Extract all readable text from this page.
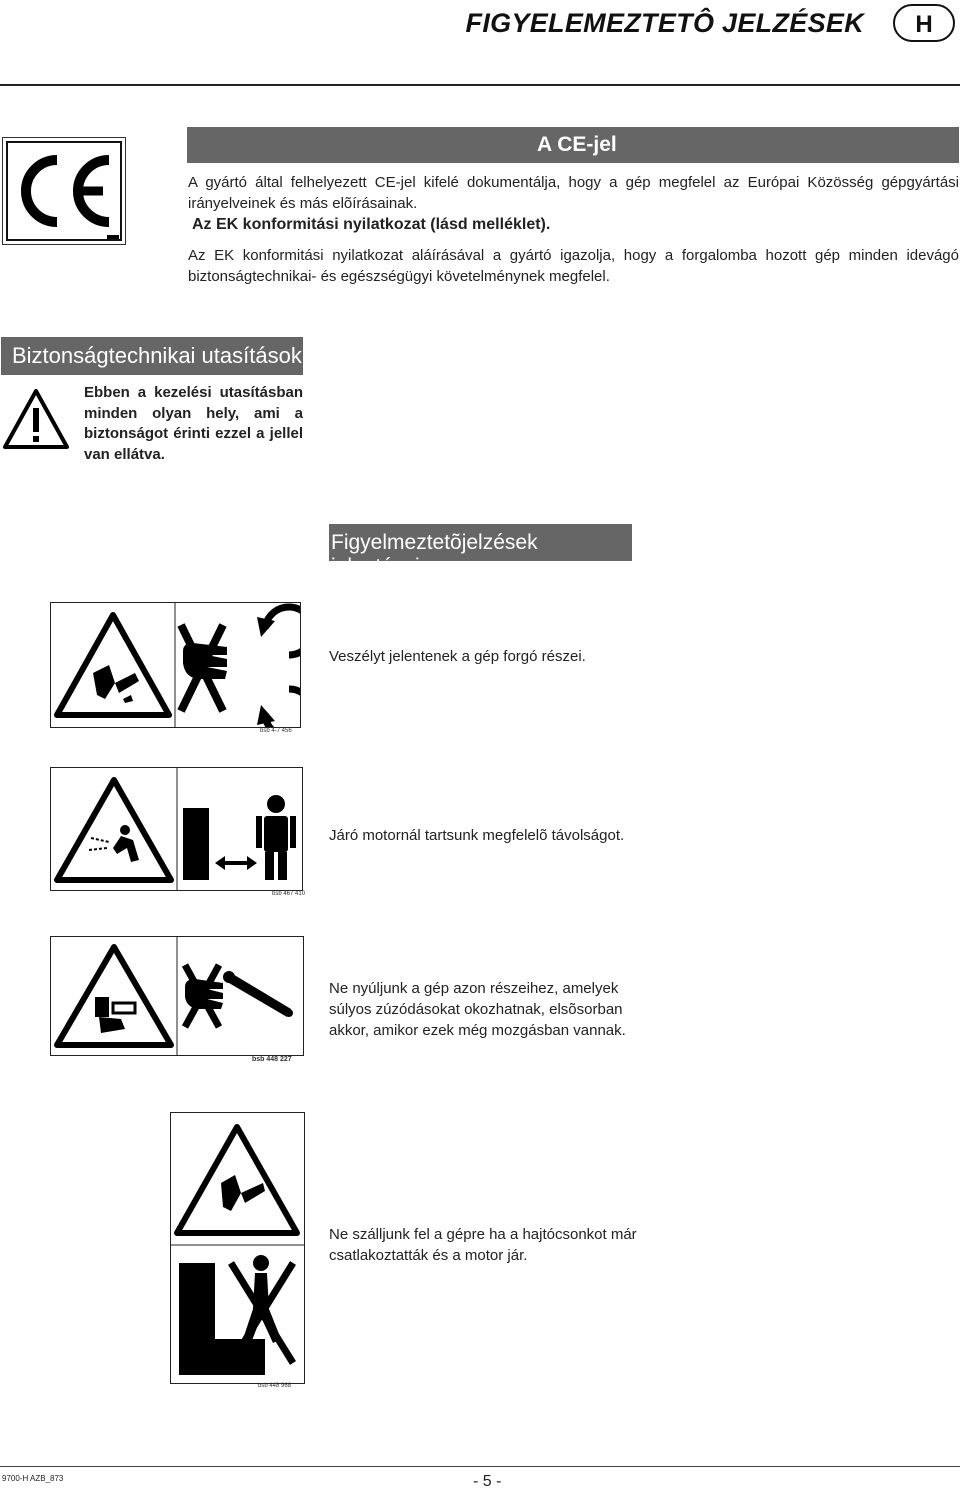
FIGYELEMEZTETÔ JELZÉSEK	H
A CE-jel
A gyártó által felhelyezett CE-jel kifelé dokumentálja, hogy a gép megfelel az Európai Közösség gépgyártási irányelveinek és más elõírásainak.
Az EK konformitási nyilatkozat (lásd melléklet).
Az EK konformitási nyilatkozat aláírásával a gyártó igazolja, hogy a forgalomba hozott gép minden idevágó biztonságtechnikai- és egészségügyi követelménynek megfelel.
Biztonságtechnikai utasítások
Ebben a kezelési utasításban minden olyan hely, ami a biztonságot érinti ezzel a jellel van ellátva.
Figyelmeztetõjelzések jelentései
bsb 4-7 456
Veszélyt jelentenek a gép forgó részei.
bsb 467 410
Járó motornál tartsunk megfelelõ távolságot.
bsb 448 227
Ne nyúljunk a gép azon részeihez, amelyek súlyos zúzódásokat okozhatnak, elsõsorban akkor, amikor ezek még mozgásban vannak.
bsb 448 968
Ne szálljunk fel a gépre ha a hajtócsonkot már csatlakoztatták és a motor jár.
9700-H AZB_873	- 5 -
